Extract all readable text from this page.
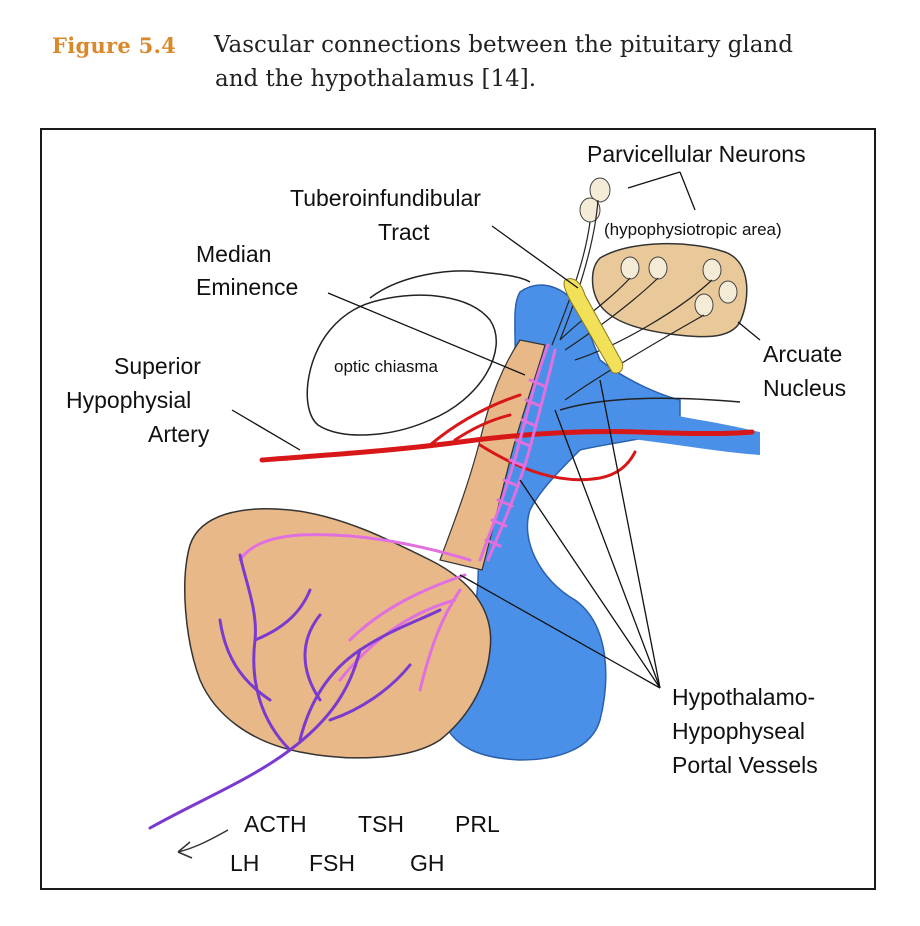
Figure 5.4 Vascular connections between the pituitary gland
and the hypothalamus [14].
Parvicellular Neurons
(hypophysiotropic area)
Tuberoinfundibular
Tract
Median
Eminence
Superior
Hypophysial
Artery
optic chiasma	Arcuate
Nucleus
Hypothalamo-
Hypophyseal
Portal Vessels
ACTH TSH PRL
LH FSH GH
